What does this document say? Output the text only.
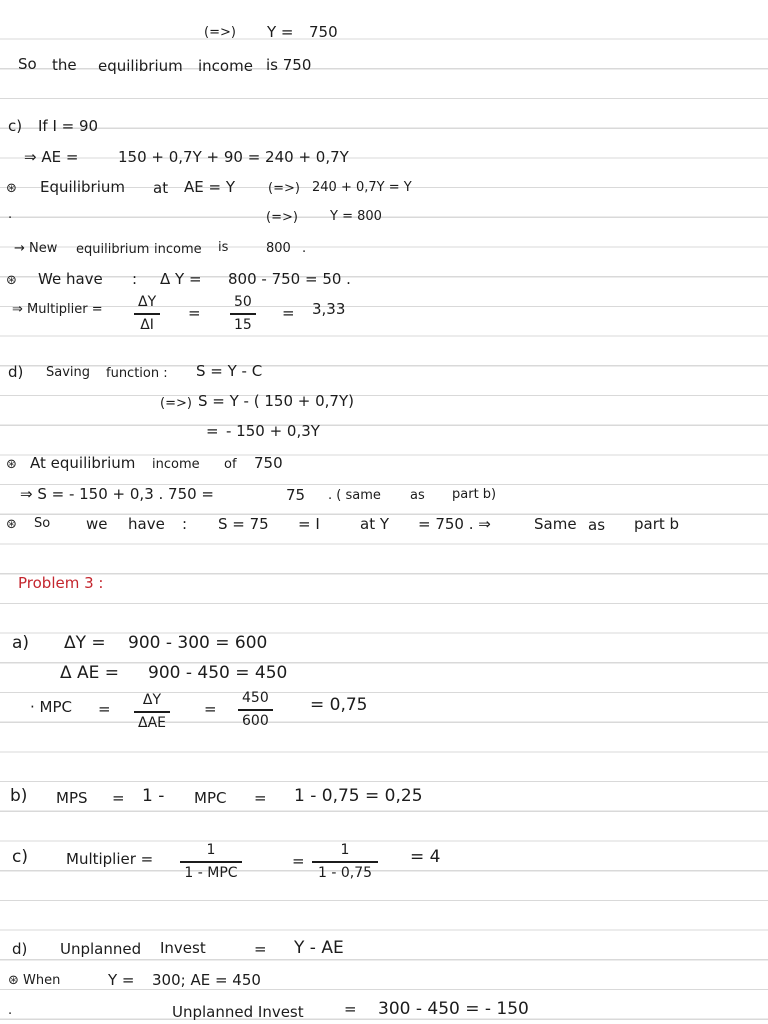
(=>) Y = 750
So the equilibrium income is 750
c) If I = 90
⇒ AE =	150 + 0,7Y + 90 = 240 + 0,7Y
⊛ Equilibrium at AE = Y	(=>) 240 + 0,7Y = Y
.	(=>) Y = 800
→ New equilibrium income is	800 .
⊛ We have : Δ Y = 800 - 750 = 50 .
⇒ Multiplier =	ΔY
ΔI
=
50
15
= 3,33
d) Saving function : S = Y - C
(=>) S = Y - ( 150 + 0,7Y)
= - 150 + 0,3Y
⊛ At equilibrium income of 750
⇒ S = - 150 + 0,3 . 750 =	75 . ( same as part b)
⊛ So we have : S = 75 = I	at Y = 750 . ⇒	Same as part b
Problem 3 :
a) ΔY = 900 - 300 = 600
Δ AE = 900 - 450 = 450
· MPC = ΔY
ΔAE
=
450
600
= 0,75
b) MPS = 1 - MPC = 1 - 0,75 = 0,25
c)	Multiplier =	1
1 - MPC
=
1
1 - 0,75
= 4
d) Unplanned Invest	= Y - AE
⊛ When	Y = 300; AE = 450
.	Unplanned Invest	= 300 - 450 = - 150
